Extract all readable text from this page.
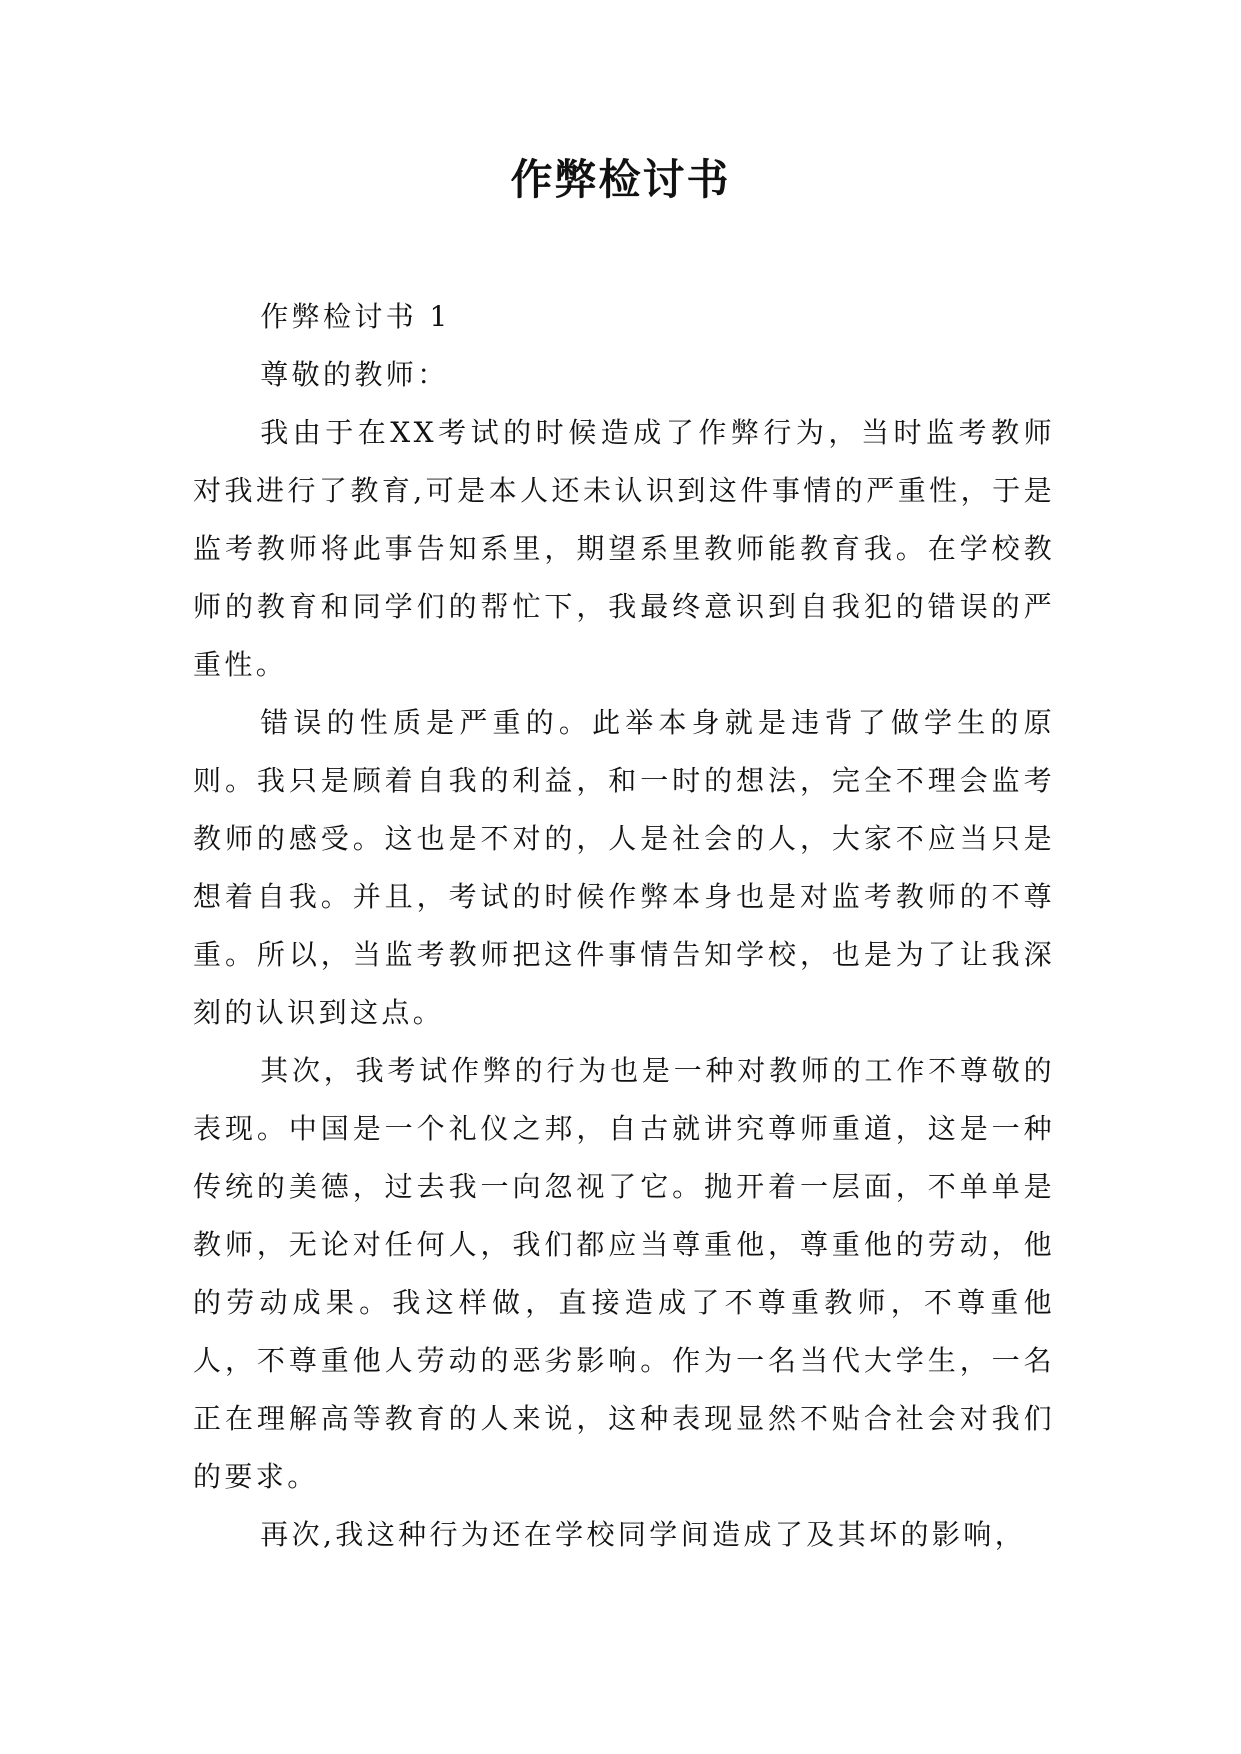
作弊检讨书

作弊检讨书 1

尊敬的教师：

我由于在XX考试的时候造成了作弊行为，当时监考教师对我进行了教育,可是本人还未认识到这件事情的严重性，于是监考教师将此事告知系里，期望系里教师能教育我。在学校教师的教育和同学们的帮忙下，我最终意识到自我犯的错误的严重性。

错误的性质是严重的。此举本身就是违背了做学生的原则。我只是顾着自我的利益，和一时的想法，完全不理会监考教师的感受。这也是不对的，人是社会的人，大家不应当只是想着自我。并且，考试的时候作弊本身也是对监考教师的不尊重。所以，当监考教师把这件事情告知学校，也是为了让我深刻的认识到这点。

其次，我考试作弊的行为也是一种对教师的工作不尊敬的表现。中国是一个礼仪之邦，自古就讲究尊师重道，这是一种传统的美德，过去我一向忽视了它。抛开着一层面，不单单是教师，无论对任何人，我们都应当尊重他，尊重他的劳动，他的劳动成果。我这样做，直接造成了不尊重教师，不尊重他人，不尊重他人劳动的恶劣影响。作为一名当代大学生，一名正在理解高等教育的人来说，这种表现显然不贴合社会对我们的要求。

再次,我这种行为还在学校同学间造成了及其坏的影响，
